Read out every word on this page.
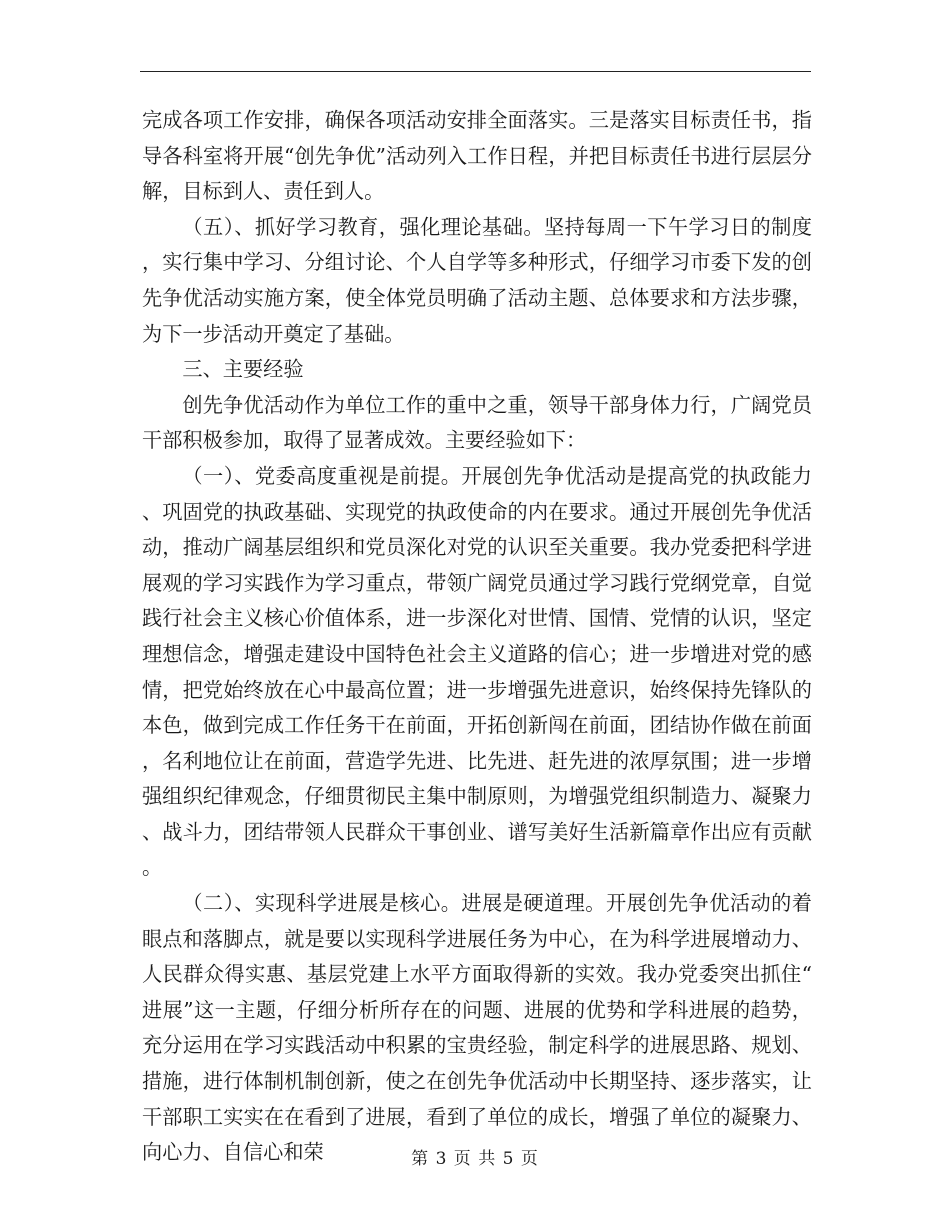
完成各项工作安排，确保各项活动安排全面落实。三是落实目标责任书，指导各科室将开展“创先争优”活动列入工作日程，并把目标责任书进行层层分解，目标到人、责任到人。

（五）、抓好学习教育，强化理论基础。坚持每周一下午学习日的制度，实行集中学习、分组讨论、个人自学等多种形式，仔细学习市委下发的创先争优活动实施方案，使全体党员明确了活动主题、总体要求和方法步骤，为下一步活动开奠定了基础。

三、主要经验

创先争优活动作为单位工作的重中之重，领导干部身体力行，广阔党员干部积极参加，取得了显著成效。主要经验如下：

（一）、党委高度重视是前提。开展创先争优活动是提高党的执政能力、巩固党的执政基础、实现党的执政使命的内在要求。通过开展创先争优活动，推动广阔基层组织和党员深化对党的认识至关重要。我办党委把科学进展观的学习实践作为学习重点，带领广阔党员通过学习践行党纲党章，自觉践行社会主义核心价值体系，进一步深化对世情、国情、党情的认识，坚定理想信念，增强走建设中国特色社会主义道路的信心；进一步增进对党的感情，把党始终放在心中最高位置；进一步增强先进意识，始终保持先锋队的本色，做到完成工作任务干在前面，开拓创新闯在前面，团结协作做在前面，名利地位让在前面，营造学先进、比先进、赶先进的浓厚氛围；进一步增强组织纪律观念，仔细贯彻民主集中制原则，为增强党组织制造力、凝聚力、战斗力，团结带领人民群众干事创业、谱写美好生活新篇章作出应有贡献。

（二）、实现科学进展是核心。进展是硬道理。开展创先争优活动的着眼点和落脚点，就是要以实现科学进展任务为中心，在为科学进展增动力、人民群众得实惠、基层党建上水平方面取得新的实效。我办党委突出抓住“进展”这一主题，仔细分析所存在的问题、进展的优势和学科进展的趋势，充分运用在学习实践活动中积累的宝贵经验，制定科学的进展思路、规划、措施，进行体制机制创新，使之在创先争优活动中长期坚持、逐步落实，让干部职工实实在在看到了进展，看到了单位的成长，增强了单位的凝聚力、向心力、自信心和荣	第 3 页 共 5 页
